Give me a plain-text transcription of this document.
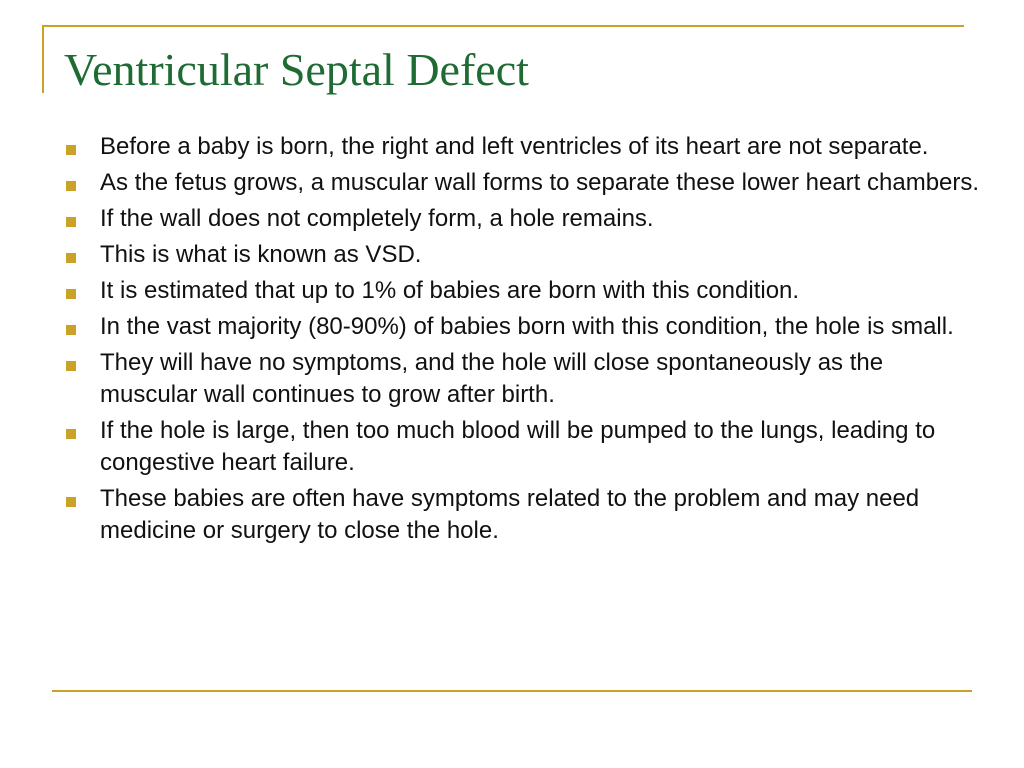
Ventricular Septal Defect
Before a baby is born, the right and left ventricles of its heart are not separate.
As the fetus grows, a muscular wall forms to separate these lower heart chambers.
If the wall does not completely form, a hole remains.
This is what is known as VSD.
It is estimated that up to 1% of babies are born with this condition.
In the vast majority (80-90%) of babies born with this condition, the hole is small.
They will have no symptoms, and the hole will close spontaneously as the muscular wall continues to grow after birth.
If the hole is large, then too much blood will be pumped to the lungs, leading to congestive heart failure.
These babies are often have symptoms related to the problem and may need medicine or surgery to close the hole.
